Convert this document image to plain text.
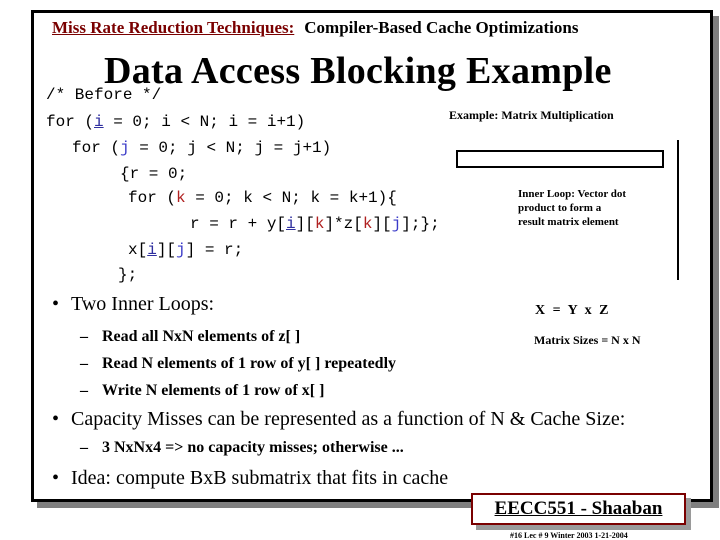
Miss Rate Reduction Techniques: Compiler-Based Cache Optimizations
Data Access Blocking Example
/* Before */
for (i = 0; i < N; i = i+1)
for (j = 0; j < N; j = j+1)
{r = 0;
for (k = 0; k < N; k = k+1){
r = r + y[i][k]*z[k][j];};
x[i][j] = r;
};
Example: Matrix Multiplication
Inner Loop: Vector dot product to form a result matrix element
X = Y x Z
Matrix Sizes = N x N
• Two Inner Loops:
– Read all NxN elements of z[ ]
– Read N elements of 1 row of y[ ] repeatedly
– Write N elements of 1 row of x[ ]
• Capacity Misses can be represented as a function of N & Cache Size:
– 3 NxNx4 => no capacity misses; otherwise ...
• Idea: compute BxB submatrix that fits in cache
EECC551 - Shaaban
#16 Lec # 9 Winter 2003 1-21-2004
